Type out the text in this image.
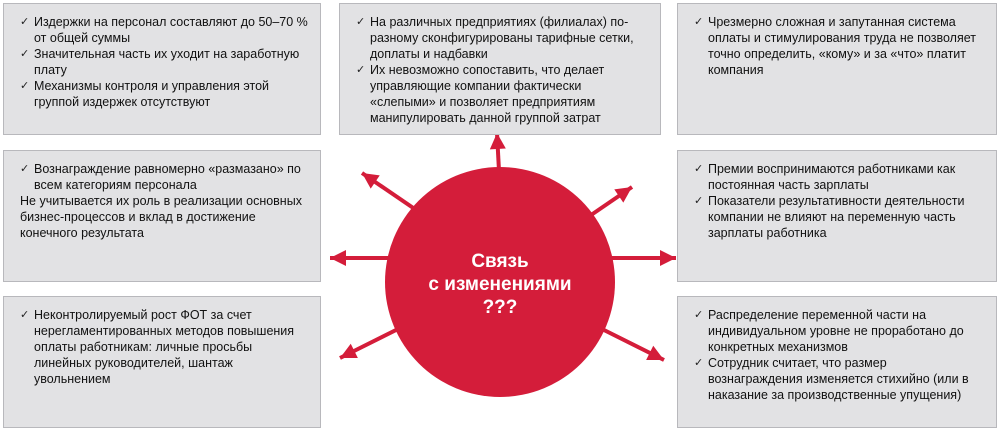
✓ Издержки на персонал составляют до 50–70 % от общей суммы

✓ Значительная часть их уходит на заработную плату

✓ Механизмы контроля и управления этой группой издержек отсутствуют

✓ На различных предприятиях (филиалах) по-разному сконфигурированы тарифные сетки, доплаты и надбавки

✓ Их невозможно сопоставить, что делает управляющие компании фактически «слепыми» и позволяет предприятиям манипулировать данной группой затрат

✓ Чрезмерно сложная и запутанная система оплаты и стимулирования труда не позволяет точно определить, «кому» и за «что» платит компания

✓ Вознаграждение равномерно «размазано» по всем категориям персонала

Не учитывается их роль в реализации основных бизнес-процессов и вклад в достижение конечного результата

✓ Премии воспринимаются работниками как постоянная часть зарплаты

✓ Показатели результативности деятельности компании не влияют на переменную часть зарплаты работника

✓ Неконтролируемый рост ФОТ за счет нерегламентированных методов повышения оплаты работникам: личные просьбы линейных руководителей, шантаж увольнением

✓ Распределение переменной части на индивидуальном уровне не проработано до конкретных механизмов

✓ Сотрудник считает, что размер вознаграждения изменяется стихийно (или в наказание за производственные упущения)

Связь
с изменениями
???
